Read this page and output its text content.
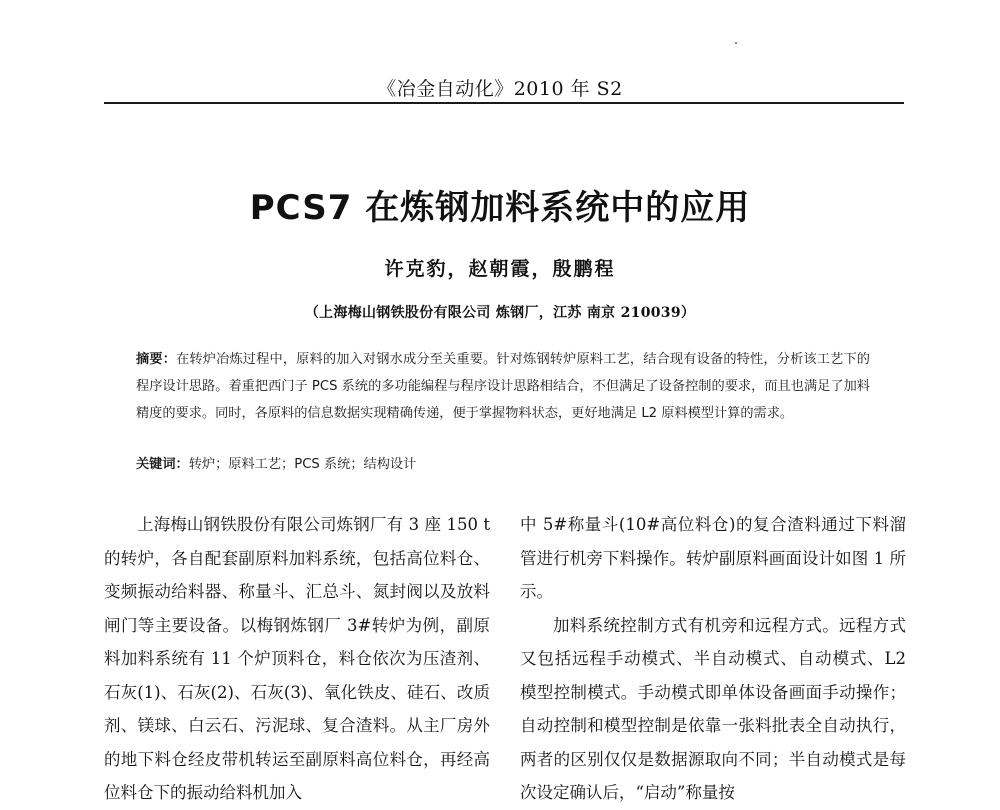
《冶金自动化》2010 年 S2
PCS7 在炼钢加料系统中的应用
许克豹，赵朝霞，殷鹏程
（上海梅山钢铁股份有限公司 炼钢厂，江苏 南京 210039）
摘要：在转炉冶炼过程中，原料的加入对钢水成分至关重要。针对炼钢转炉原料工艺，结合现有设备的特性，分析该工艺下的程序设计思路。着重把西门子 PCS 系统的多功能编程与程序设计思路相结合，不但满足了设备控制的要求，而且也满足了加料精度的要求。同时，各原料的信息数据实现精确传递，便于掌握物料状态，更好地满足 L2 原料模型计算的需求。
关键词：转炉；原料工艺；PCS 系统；结构设计

上海梅山钢铁股份有限公司炼钢厂有 3 座 150 t 的转炉，各自配套副原料加料系统，包括高位料仓、变频振动给料器、称量斗、汇总斗、氮封阀以及放料闸门等主要设备。以梅钢炼钢厂 3#转炉为例，副原料加料系统有 11 个炉顶料仓，料仓依次为压渣剂、石灰(1)、石灰(2)、石灰(3)、氧化铁皮、硅石、改质剂、镁球、白云石、污泥球、复合渣料。从主厂房外的地下料仓经皮带机转运至副原料高位料仓，再经高位料仓下的振动给料机加入

中 5#称量斗(10#高位料仓)的复合渣料通过下料溜管进行机旁下料操作。转炉副原料画面设计如图 1 所示。

加料系统控制方式有机旁和远程方式。远程方式又包括远程手动模式、半自动模式、自动模式、L2 模型控制模式。手动模式即单体设备画面手动操作；自动控制和模型控制是依靠一张料批表全自动执行，两者的区别仅仅是数据源取向不同；半自动模式是每次设定确认后，“启动”称量按
